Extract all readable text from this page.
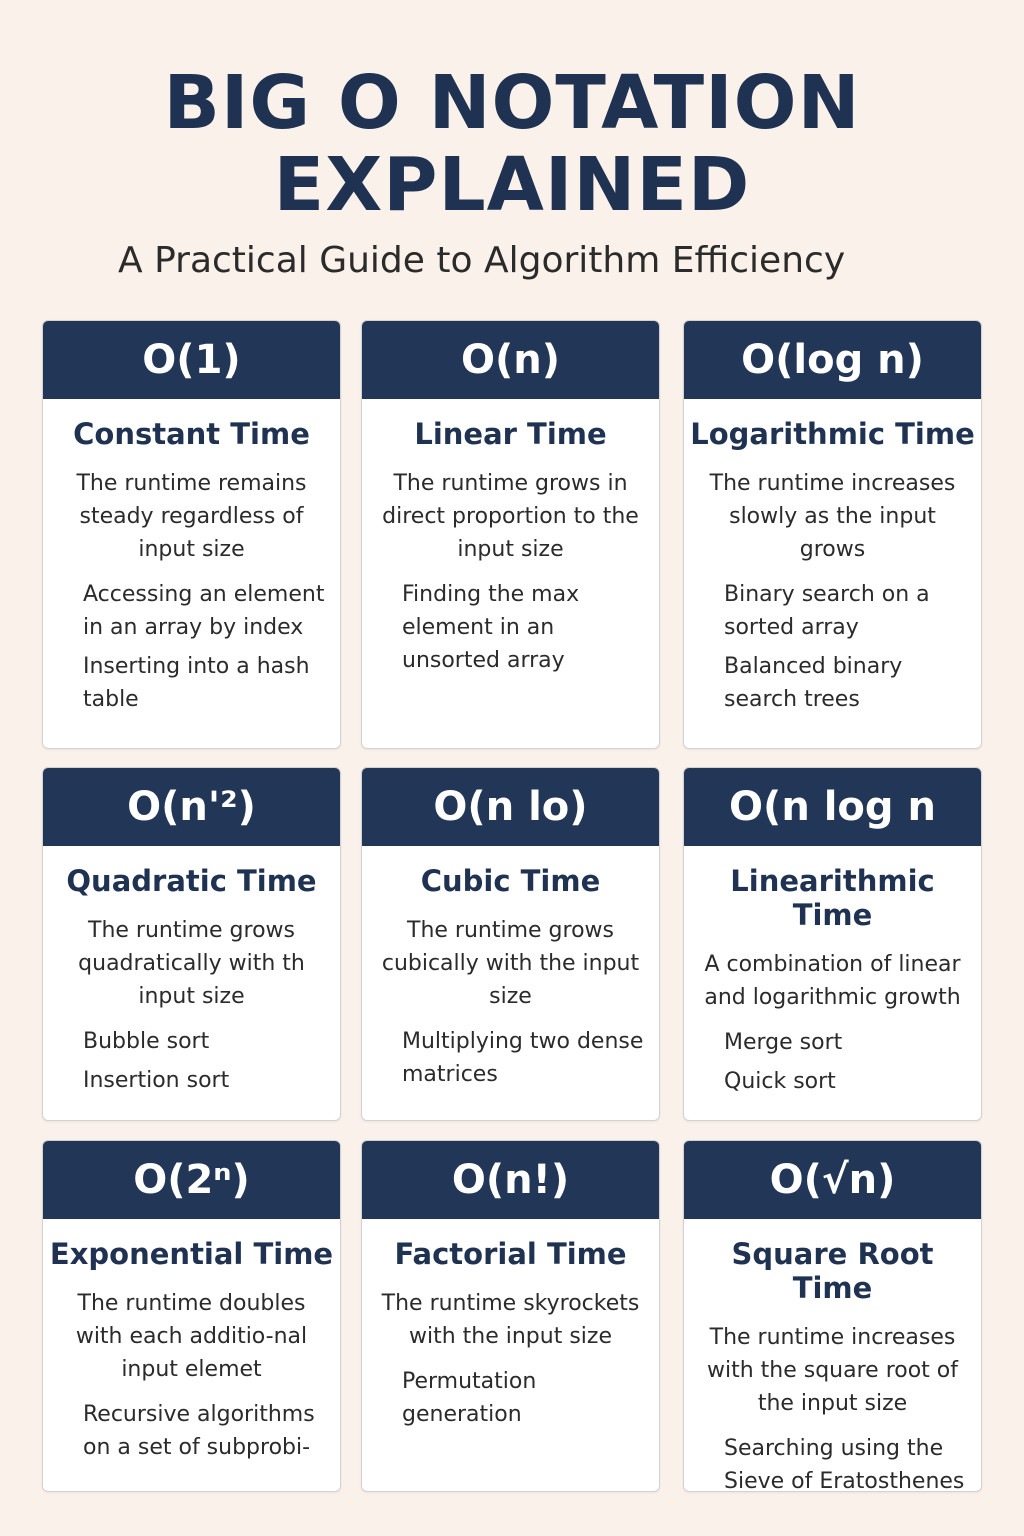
BIG O NOTATION EXPLAINED
A Practical Guide to Algorithm Efficiency
O(1)
Constant Time
The runtime remains steady regardless of input size
Accessing an element in an array by index
Inserting into a hash table
O(n)
Linear Time
The runtime grows in direct proportion to the input size
Finding the max element in an unsorted array
O(log n)
Logarithmic Time
The runtime increases slowly as the input grows
Binary search on a sorted array
Balanced binary search trees
O(n'²)
Quadratic Time
The runtime grows quadratically with th input size
Bubble sort
Insertion sort
O(n lo)
Cubic Time
The runtime grows cubically with the input size
Multiplying two dense matrices
O(n log n
Linearithmic Time
A combination of linear and logarithmic growth
Merge sort
Quick sort
O(2ⁿ)
Exponential Time
The runtime doubles with each additio-nal input elemet
Recursive algorithms on a set of subprobi-
O(n!)
Factorial Time
The runtime skyrockets with the input size
Permutation generation
O(√n)
Square Root Time
The runtime increases with the square root of the input size
Searching using the Sieve of Eratosthenes
